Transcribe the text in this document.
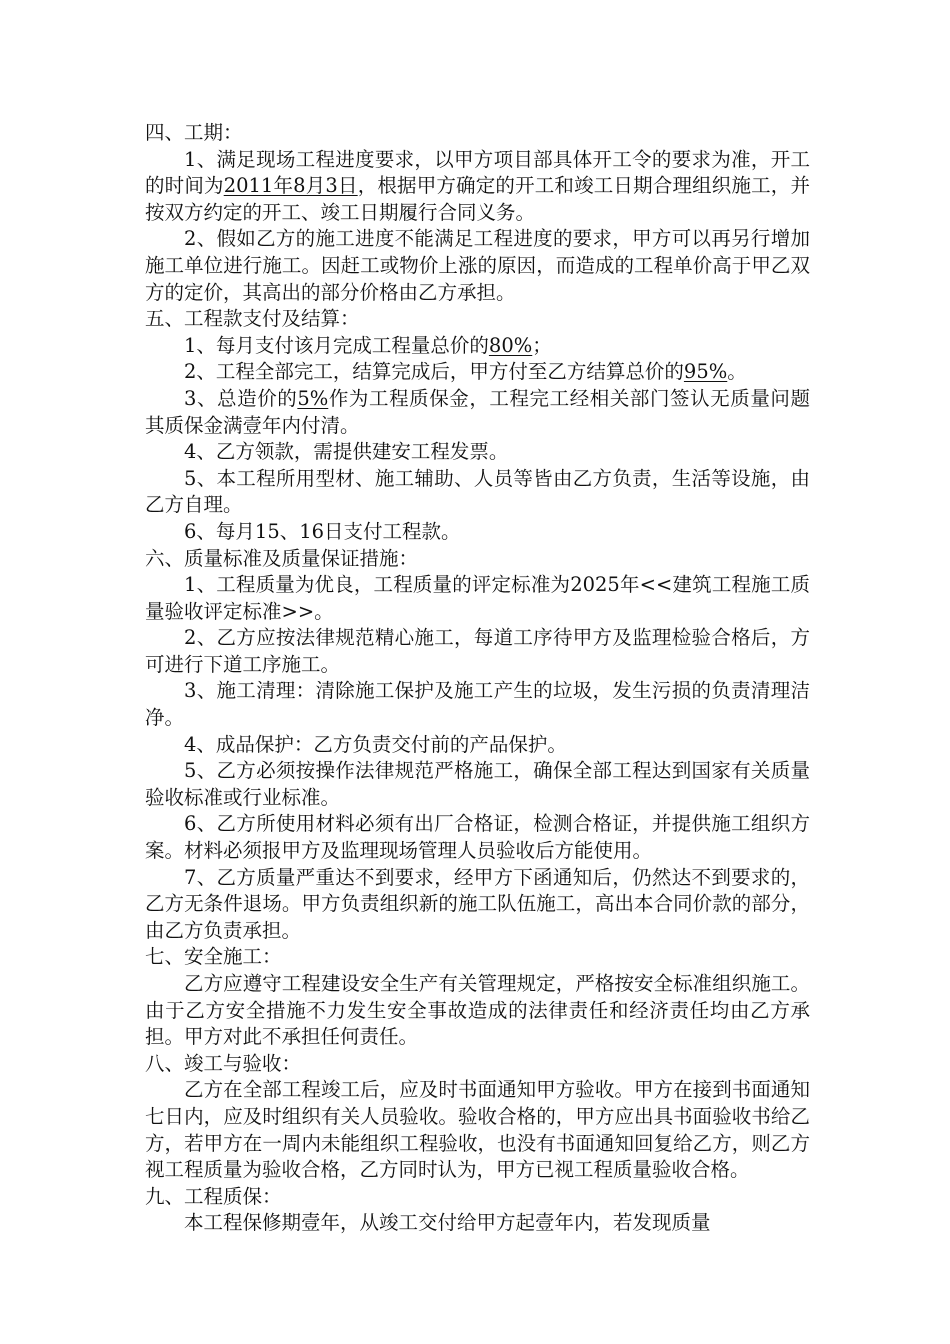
四、工期：

1、满足现场工程进度要求，以甲方项目部具体开工令的要求为准，开工的时间为2011年8月3日，根据甲方确定的开工和竣工日期合理组织施工，并按双方约定的开工、竣工日期履行合同义务。

2、假如乙方的施工进度不能满足工程进度的要求，甲方可以再另行增加施工单位进行施工。因赶工或物价上涨的原因，而造成的工程单价高于甲乙双方的定价，其高出的部分价格由乙方承担。

五、工程款支付及结算：

1、每月支付该月完成工程量总价的80%；

2、工程全部完工，结算完成后，甲方付至乙方结算总价的95%。

3、总造价的5%作为工程质保金，工程完工经相关部门签认无质量问题其质保金满壹年内付清。

4、乙方领款，需提供建安工程发票。

5、本工程所用型材、施工辅助、人员等皆由乙方负责，生活等设施，由乙方自理。

6、每月15、16日支付工程款。

六、质量标准及质量保证措施：

1、工程质量为优良，工程质量的评定标准为2025年<<建筑工程施工质量验收评定标准>>。

2、乙方应按法律规范精心施工，每道工序待甲方及监理检验合格后，方可进行下道工序施工。

3、施工清理：清除施工保护及施工产生的垃圾，发生污损的负责清理洁净。

4、成品保护：乙方负责交付前的产品保护。

5、乙方必须按操作法律规范严格施工，确保全部工程达到国家有关质量验收标准或行业标准。

6、乙方所使用材料必须有出厂合格证，检测合格证，并提供施工组织方案。材料必须报甲方及监理现场管理人员验收后方能使用。

7、乙方质量严重达不到要求，经甲方下函通知后，仍然达不到要求的，乙方无条件退场。甲方负责组织新的施工队伍施工，高出本合同价款的部分，由乙方负责承担。

七、安全施工：

乙方应遵守工程建设安全生产有关管理规定，严格按安全标准组织施工。由于乙方安全措施不力发生安全事故造成的法律责任和经济责任均由乙方承担。甲方对此不承担任何责任。

八、竣工与验收：

乙方在全部工程竣工后，应及时书面通知甲方验收。甲方在接到书面通知七日内，应及时组织有关人员验收。验收合格的，甲方应出具书面验收书给乙方，若甲方在一周内未能组织工程验收，也没有书面通知回复给乙方，则乙方视工程质量为验收合格，乙方同时认为，甲方已视工程质量验收合格。

九、工程质保：

本工程保修期壹年，从竣工交付给甲方起壹年内，若发现质量
